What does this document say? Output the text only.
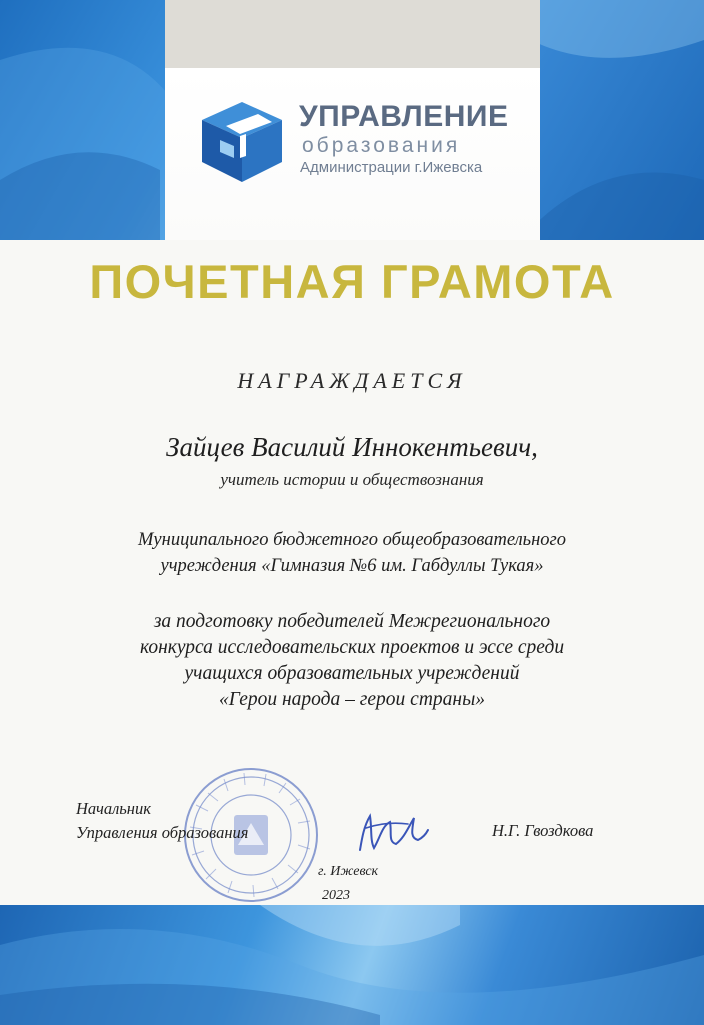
УПРАВЛЕНИЕ
образования
Администрации г.Ижевска
ПОЧЕТНАЯ ГРАМОТА
НАГРАЖДАЕТСЯ
Зайцев Василий Иннокентьевич,
учитель истории и обществознания
Муниципального бюджетного общеобразовательного
учреждения «Гимназия №6 им. Габдуллы Тукая»
за подготовку победителей Межрегионального
конкурса исследовательских проектов и эссе среди
учащихся образовательных учреждений
«Герои народа – герои страны»
Начальник
Управления образования	Н.Г. Гвоздкова
г. Ижевск
2023
